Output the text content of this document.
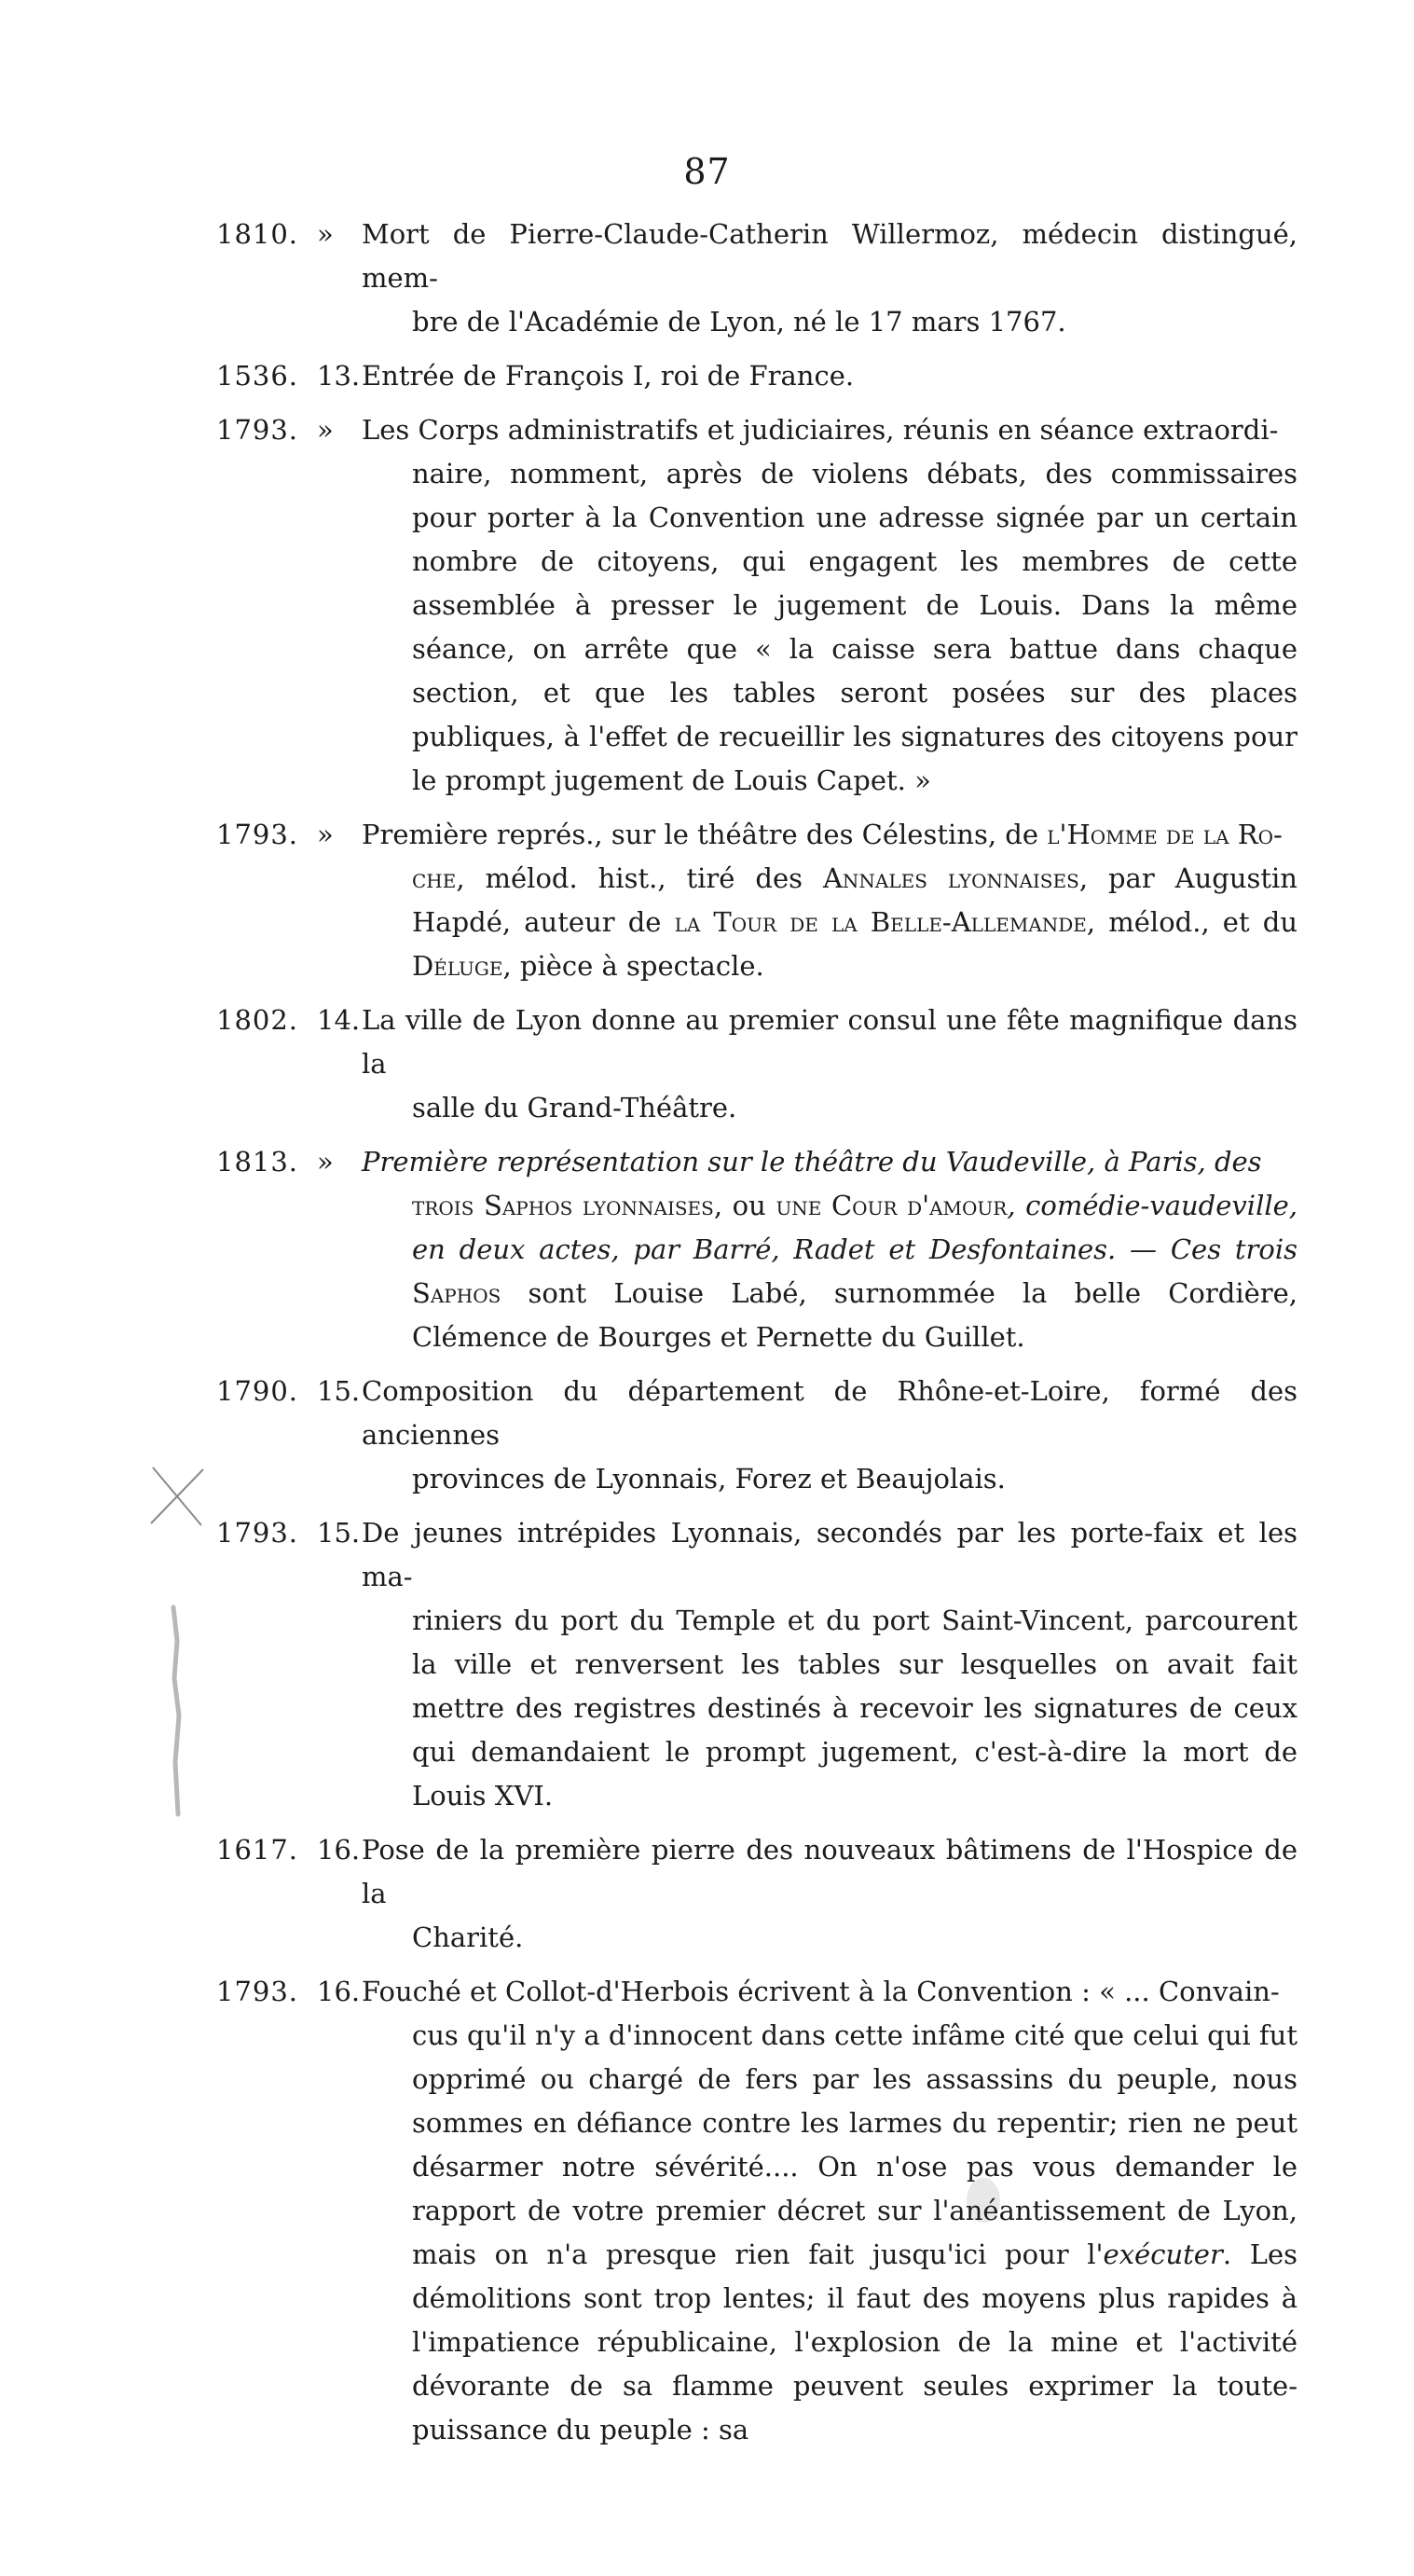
87
1810. »	Mort de Pierre-Claude-Catherin Willermoz, médecin distingué, mem-
bre de l'Académie de Lyon, né le 17 mars 1767.
1536. 13. Entrée de François I, roi de France.
1793. »	Les Corps administratifs et judiciaires, réunis en séance extraordi-
naire, nomment, après de violens débats, des commissaires pour porter à la Convention une adresse signée par un certain nombre de citoyens, qui engagent les membres de cette assemblée à presser le jugement de Louis. Dans la même séance, on arrête que « la caisse sera battue dans chaque section, et que les tables seront posées sur des places publiques, à l'effet de recueillir les signatures des citoyens pour le prompt jugement de Louis Capet. »
1793. »	Première représ., sur le théâtre des Célestins, de l'Homme de la Ro-
che, mélod. hist., tiré des Annales lyonnaises, par Augustin Hapdé, auteur de la Tour de la Belle-Allemande, mélod., et du Déluge, pièce à spectacle.
1802. 14. La ville de Lyon donne au premier consul une fête magnifique dans la
salle du Grand-Théâtre.
1813. »	Première représentation sur le théâtre du Vaudeville, à Paris, des
trois Saphos lyonnaises, ou une Cour d'amour, comédie-vaudeville, en deux actes, par Barré, Radet et Desfontaines. — Ces trois Saphos sont Louise Labé, surnommée la belle Cordière, Clémence de Bourges et Pernette du Guillet.
1790. 15. Composition du département de Rhône-et-Loire, formé des anciennes
provinces de Lyonnais, Forez et Beaujolais.
1793. 15. De jeunes intrépides Lyonnais, secondés par les porte-faix et les ma-
riniers du port du Temple et du port Saint-Vincent, parcourent la ville et renversent les tables sur lesquelles on avait fait mettre des registres destinés à recevoir les signatures de ceux qui demandaient le prompt jugement, c'est-à-dire la mort de Louis XVI.
1617. 16. Pose de la première pierre des nouveaux bâtimens de l'Hospice de la
Charité.
1793. 16. Fouché et Collot-d'Herbois écrivent à la Convention : « ... Convain-
cus qu'il n'y a d'innocent dans cette infâme cité que celui qui fut opprimé ou chargé de fers par les assassins du peuple, nous sommes en défiance contre les larmes du repentir; rien ne peut désarmer notre sévérité.... On n'ose pas vous demander le rapport de votre premier décret sur l'anéantissement de Lyon, mais on n'a presque rien fait jusqu'ici pour l'exécuter. Les démolitions sont trop lentes; il faut des moyens plus rapides à l'impatience républicaine, l'explosion de la mine et l'activité dévorante de sa flamme peuvent seules exprimer la toute-puissance du peuple : sa
